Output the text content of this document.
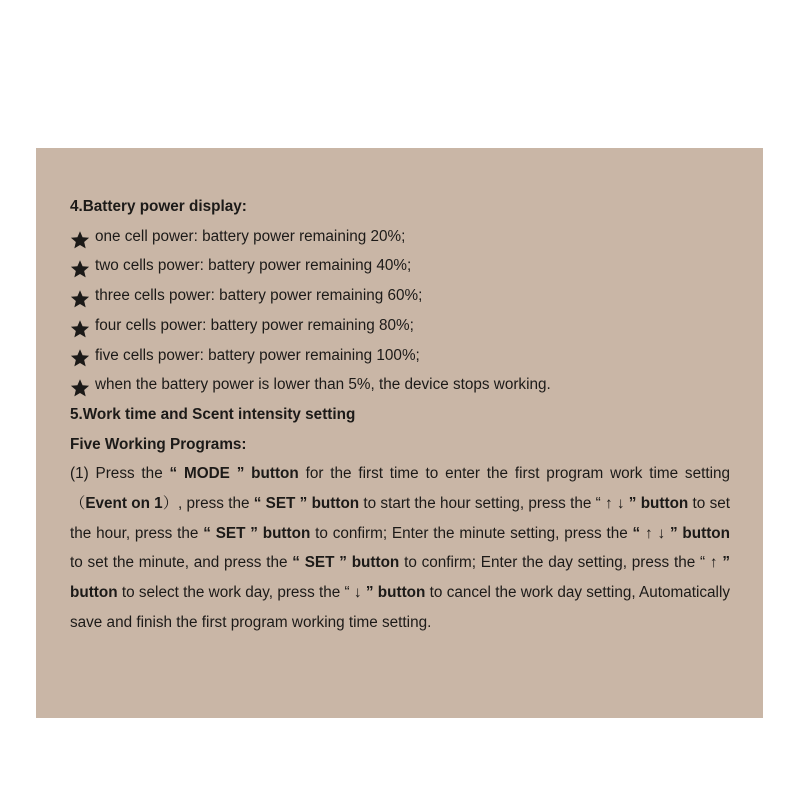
4.Battery power display:
one cell power: battery power remaining 20%;
two cells power: battery power remaining 40%;
three cells power: battery power remaining 60%;
four cells power: battery power remaining 80%;
five cells power: battery power remaining 100%;
when the battery power is lower than 5%, the device stops working.
5.Work time and Scent intensity setting
Five Working Programs:

(1) Press the “ MODE ” button for the first time to enter the first program work time setting（Event on 1）, press the “ SET ” button to start the hour setting, press the “ ↑ ↓ ” button to set the hour, press the “ SET ” button to confirm; Enter the minute setting, press the “ ↑ ↓ ” button to set the minute, and press the “ SET ” button to confirm; Enter the day setting, press the “ ↑ ” button to select the work day, press the “ ↓ ” button to cancel the work day setting, Automatically save and finish the first program working time setting.
